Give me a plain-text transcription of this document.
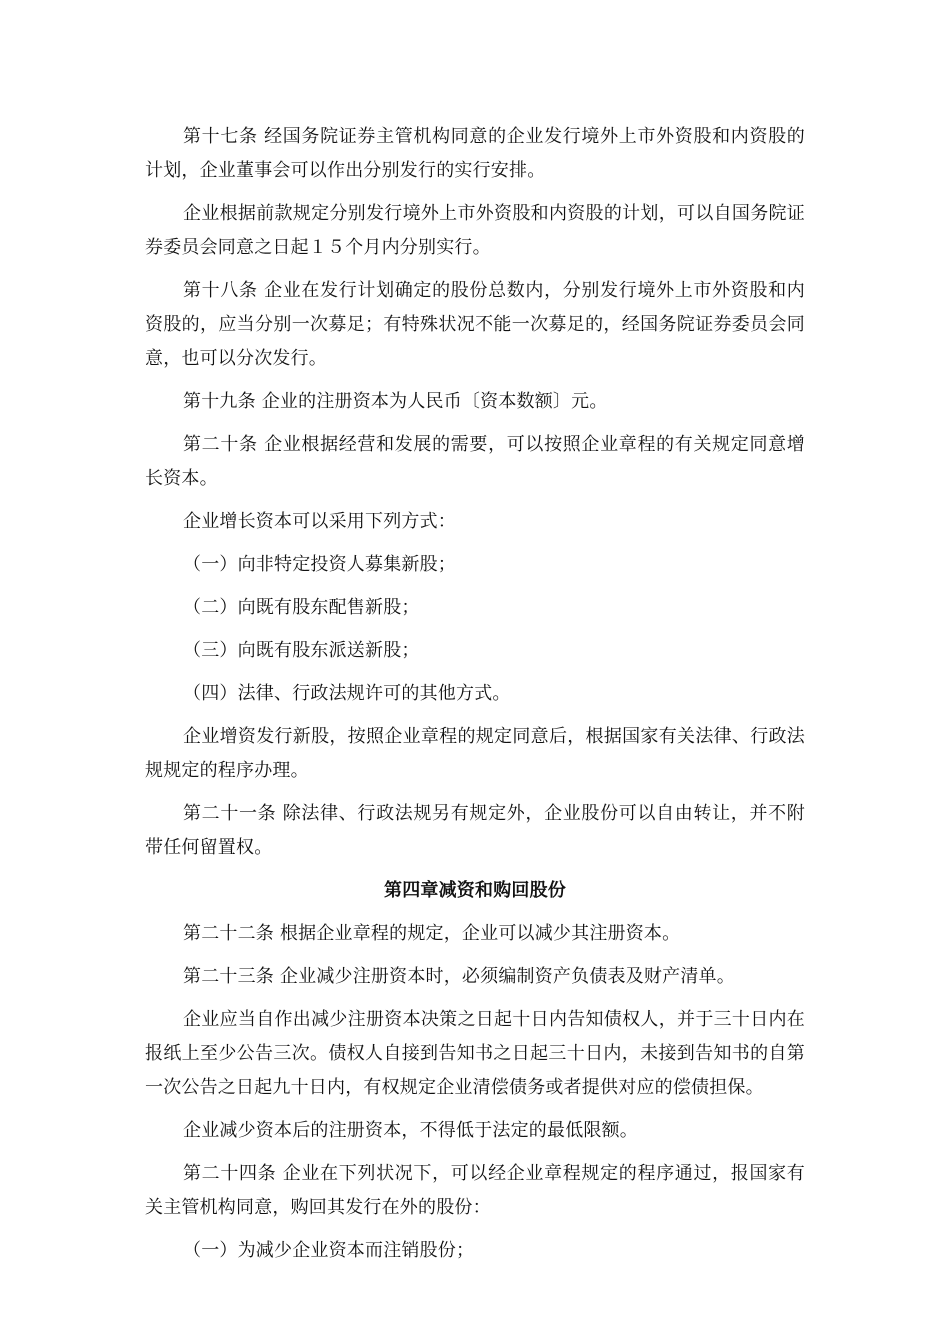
第十七条 经国务院证券主管机构同意的企业发行境外上市外资股和内资股的计划，企业董事会可以作出分别发行的实行安排。

企业根据前款规定分别发行境外上市外资股和内资股的计划，可以自国务院证券委员会同意之日起１５个月内分别实行。

第十八条 企业在发行计划确定的股份总数内，分别发行境外上市外资股和内资股的，应当分别一次募足；有特殊状况不能一次募足的，经国务院证券委员会同意，也可以分次发行。

第十九条 企业的注册资本为人民币〔资本数额〕元。

第二十条 企业根据经营和发展的需要，可以按照企业章程的有关规定同意增长资本。

企业增长资本可以采用下列方式：

（一）向非特定投资人募集新股；

（二）向既有股东配售新股；

（三）向既有股东派送新股；

（四）法律、行政法规许可的其他方式。

企业增资发行新股，按照企业章程的规定同意后，根据国家有关法律、行政法规规定的程序办理。

第二十一条 除法律、行政法规另有规定外，企业股份可以自由转让，并不附带任何留置权。

第四章减资和购回股份

第二十二条 根据企业章程的规定，企业可以减少其注册资本。

第二十三条 企业减少注册资本时，必须编制资产负债表及财产清单。

企业应当自作出减少注册资本决策之日起十日内告知债权人，并于三十日内在报纸上至少公告三次。债权人自接到告知书之日起三十日内，未接到告知书的自第一次公告之日起九十日内，有权规定企业清偿债务或者提供对应的偿债担保。

企业减少资本后的注册资本，不得低于法定的最低限额。

第二十四条 企业在下列状况下，可以经企业章程规定的程序通过，报国家有关主管机构同意，购回其发行在外的股份：

（一）为减少企业资本而注销股份；
